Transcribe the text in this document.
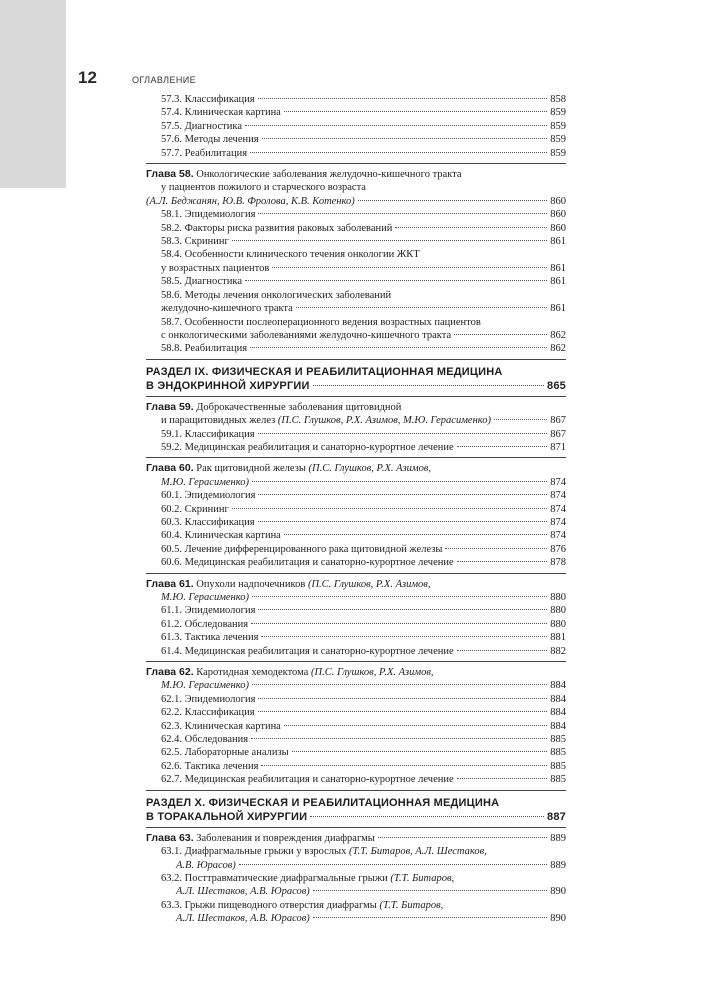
12	ОГЛАВЛЕНИЕ
57.3. Классификация	858
57.4. Клиническая картина	859
57.5. Диагностика	859
57.6. Методы лечения	859
57.7. Реабилитация	859
Глава 58. Онкологические заболевания желудочно-кишечного тракта
у пациентов пожилого и старческого возраста
(А.Л. Беджанян, Ю.В. Фролова, К.В. Котенко)	860
58.1. Эпидемиология	860
58.2. Факторы риска развития раковых заболеваний	860
58.3. Скрининг	861
58.4. Особенности клинического течения онкологии ЖКТ
у возрастных пациентов	861
58.5. Диагностика	861
58.6. Методы лечения онкологических заболеваний
желудочно-кишечного тракта	861
58.7. Особенности послеоперационного ведения возрастных пациентов
с онкологическими заболеваниями желудочно-кишечного тракта	862
58.8. Реабилитация	862
РАЗДЕЛ IX. ФИЗИЧЕСКАЯ И РЕАБИЛИТАЦИОННАЯ МЕДИЦИНА
В ЭНДОКРИННОЙ ХИРУРГИИ	865
Глава 59. Доброкачественные заболевания щитовидной
и паращитовидных желез
(П.С. Глушков, Р.Х. Азимов, М.Ю. Герасименко)	867
59.1. Классификация	867
59.2. Медицинская реабилитация и санаторно-курортное лечение	871
Глава 60. Рак щитовидной железы (П.С. Глушков, Р.Х. Азимов,
М.Ю. Герасименко)	874
60.1. Эпидемиология	874
60.2. Скрининг	874
60.3. Классификация	874
60.4. Клиническая картина	874
60.5. Лечение дифференцированного рака щитовидной железы	876
60.6. Медицинская реабилитация и санаторно-курортное лечение	878
Глава 61. Опухоли надпочечников (П.С. Глушков, Р.Х. Азимов,
М.Ю. Герасименко)	880
61.1. Эпидемиология	880
61.2. Обследования	880
61.3. Тактика лечения	881
61.4. Медицинская реабилитация и санаторно-курортное лечение	882
Глава 62. Каротидная хемодектома (П.С. Глушков, Р.Х. Азимов,
М.Ю. Герасименко)	884
62.1. Эпидемиология	884
62.2. Классификация	884
62.3. Клиническая картина	884
62.4. Обследования	885
62.5. Лабораторные анализы	885
62.6. Тактика лечения	885
62.7. Медицинская реабилитация и санаторно-курортное лечение	885
РАЗДЕЛ X. ФИЗИЧЕСКАЯ И РЕАБИЛИТАЦИОННАЯ МЕДИЦИНА
В ТОРАКАЛЬНОЙ ХИРУРГИИ	887
Глава 63.
Заболевания и повреждения диафрагмы	889
63.1. Диафрагмальные грыжи у взрослых (Т.Т. Битаров, А.Л. Шестаков,
А.В. Юрасов)	889
63.2. Посттравматические диафрагмальные грыжи (Т.Т. Битаров,
А.Л. Шестаков, А.В. Юрасов)	890
63.3. Грыжи пищеводного отверстия диафрагмы (Т.Т. Битаров,
А.Л. Шестаков, А.В. Юрасов)	890
